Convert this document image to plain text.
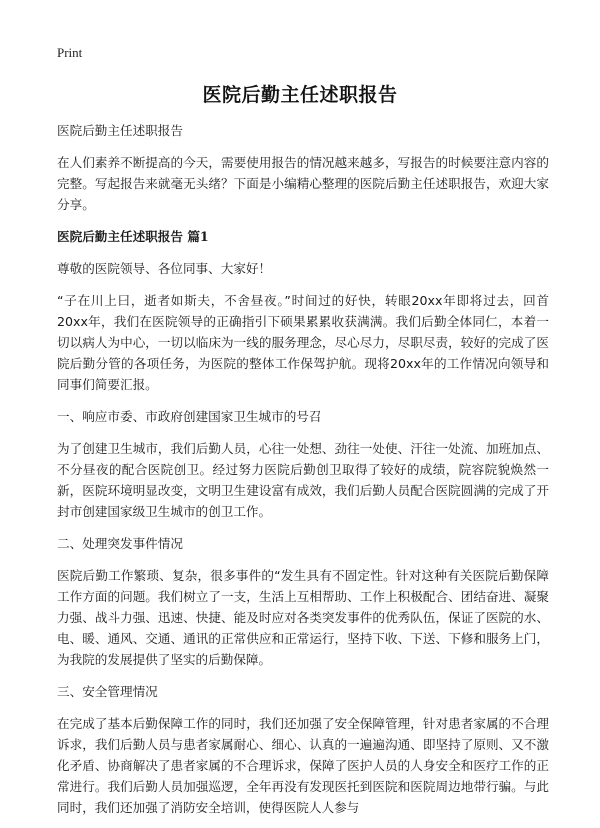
Print
医院后勤主任述职报告

医院后勤主任述职报告

在人们素养不断提高的今天，需要使用报告的情况越来越多，写报告的时候要注意内容的完整。写起报告来就毫无头绪？下面是小编精心整理的医院后勤主任述职报告，欢迎大家分享。

医院后勤主任述职报告 篇1

尊敬的医院领导、各位同事、大家好！

“子在川上曰，逝者如斯夫，不舍昼夜。”时间过的好快，转眼20xx年即将过去，回首20xx年，我们在医院领导的正确指引下硕果累累收获满满。我们后勤全体同仁，本着一切以病人为中心，一切以临床为一线的服务理念，尽心尽力，尽职尽责，较好的完成了医院后勤分管的各项任务，为医院的整体工作保驾护航。现将20xx年的工作情况向领导和同事们简要汇报。

一、响应市委、市政府创建国家卫生城市的号召

为了创建卫生城市，我们后勤人员，心往一处想、劲往一处使、汗往一处流、加班加点、不分昼夜的配合医院创卫。经过努力医院后勤创卫取得了较好的成绩，院容院貌焕然一新，医院环境明显改变，文明卫生建设富有成效，我们后勤人员配合医院圆满的完成了开封市创建国家级卫生城市的创卫工作。

二、处理突发事件情况

医院后勤工作繁琐、复杂，很多事件的“发生具有不固定性。针对这种有关医院后勤保障工作方面的问题。我们树立了一支，生活上互相帮助、工作上积极配合、团结奋进、凝聚力强、战斗力强、迅速、快捷、能及时应对各类突发事件的优秀队伍，保证了医院的水、电、暖、通风、交通、通讯的正常供应和正常运行，坚持下收、下送、下修和服务上门，为我院的发展提供了坚实的后勤保障。

三、安全管理情况

在完成了基本后勤保障工作的同时，我们还加强了安全保障管理，针对患者家属的不合理诉求，我们后勤人员与患者家属耐心、细心、认真的一遍遍沟通、即坚持了原则、又不激化矛盾、协商解决了患者家属的不合理诉求，保障了医护人员的人身安全和医疗工作的正常进行。我们后勤人员加强巡逻，全年再没有发现医托到医院和医院周边地带行骗。与此同时，我们还加强了消防安全培训，使得医院人人参与
